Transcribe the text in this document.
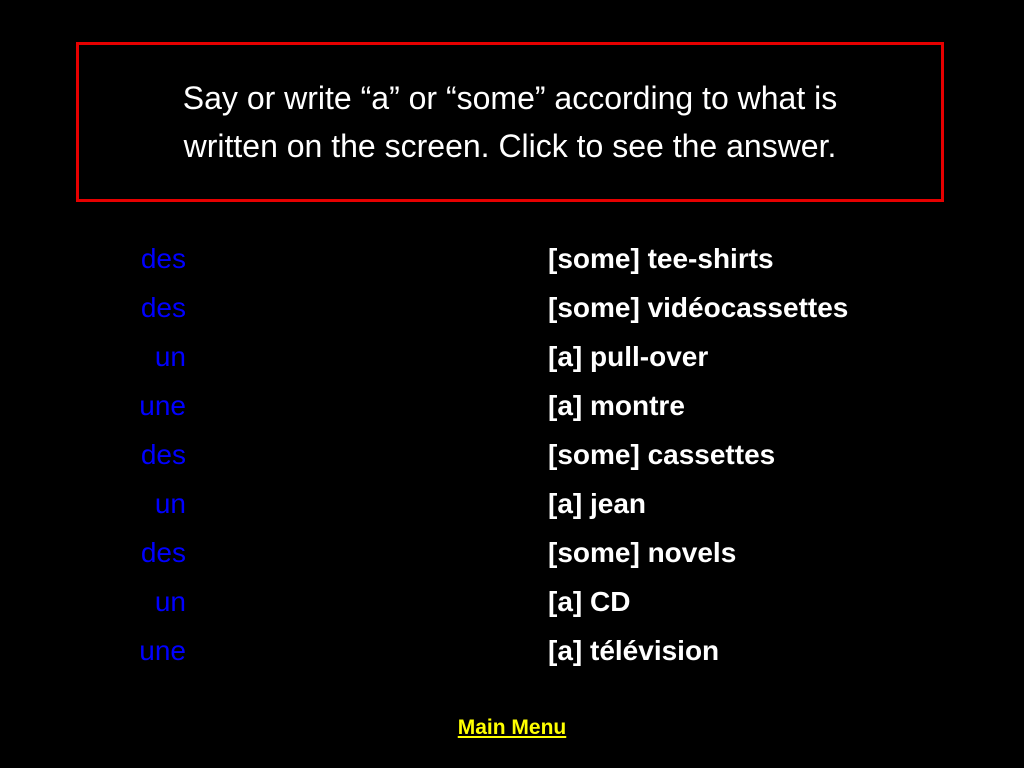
Say or write “a” or “some” according to what is
written on the screen. Click to see the answer.

des	[some] tee-shirts
des	[some] vidéocassettes
un	[a] pull-over
une	[a] montre
des	[some] cassettes
un	[a] jean
des	[some] novels
un	[a] CD
une	[a] télévision
Main Menu
